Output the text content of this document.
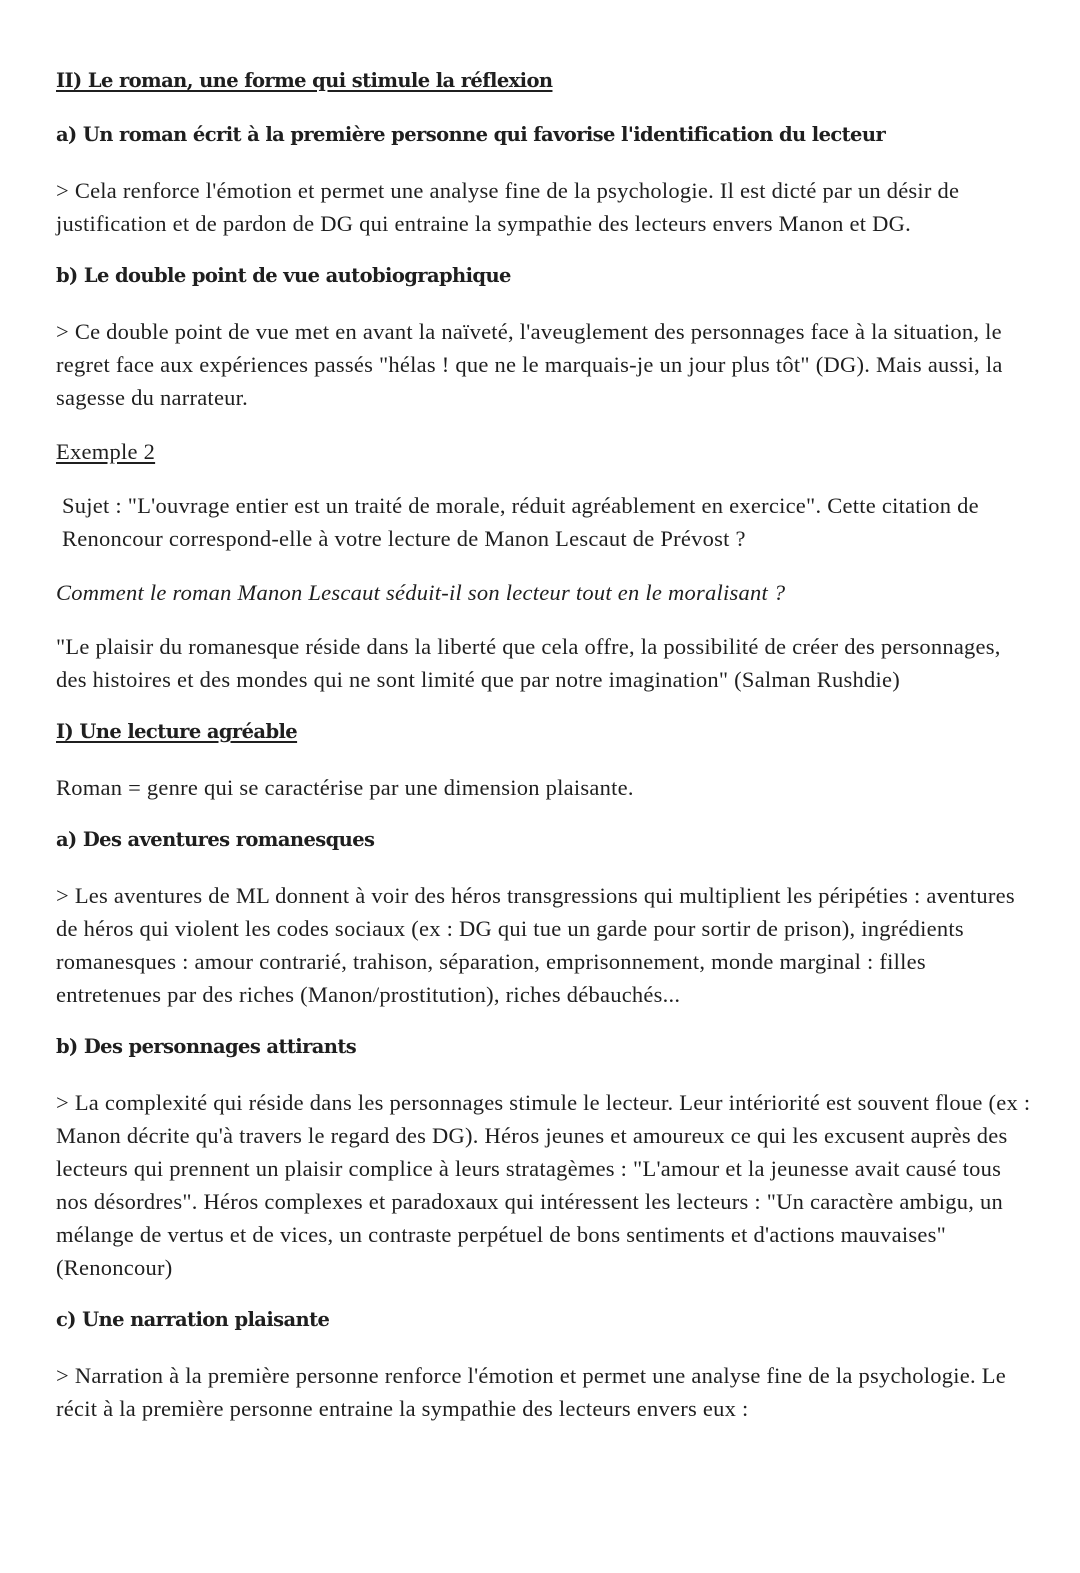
II) Le roman, une forme qui stimule la réflexion
a) Un roman écrit à la première personne qui favorise l'identification du lecteur
> Cela renforce l'émotion et permet une analyse fine de la psychologie. Il est dicté par un désir de justification et de pardon de DG qui entraine la sympathie des lecteurs envers Manon et DG.
b) Le double point de vue autobiographique
> Ce double point de vue met en avant la naïveté, l'aveuglement des personnages face à la situation, le regret face aux expériences passés "hélas ! que ne le marquais-je un jour plus tôt" (DG). Mais aussi, la sagesse du narrateur.
Exemple 2
Sujet : "L'ouvrage entier est un traité de morale, réduit agréablement en exercice". Cette citation de Renoncour correspond-elle à votre lecture de Manon Lescaut de Prévost ?
Comment le roman Manon Lescaut séduit-il son lecteur tout en le moralisant ?
"Le plaisir du romanesque réside dans la liberté que cela offre, la possibilité de créer des personnages, des histoires et des mondes qui ne sont limité que par notre imagination" (Salman Rushdie)
I) Une lecture agréable
Roman = genre qui se caractérise par une dimension plaisante.
a) Des aventures romanesques
> Les aventures de ML donnent à voir des héros transgressions qui multiplient les péripéties : aventures de héros qui violent les codes sociaux (ex : DG qui tue un garde pour sortir de prison), ingrédients romanesques : amour contrarié, trahison, séparation, emprisonnement, monde marginal : filles entretenues par des riches (Manon/prostitution), riches débauchés...
b) Des personnages attirants
> La complexité qui réside dans les personnages stimule le lecteur. Leur intériorité est souvent floue (ex : Manon décrite qu'à travers le regard des DG). Héros jeunes et amoureux ce qui les excusent auprès des lecteurs qui prennent un plaisir complice à leurs stratagèmes : "L'amour et la jeunesse avait causé tous nos désordres". Héros complexes et paradoxaux qui intéressent les lecteurs : "Un caractère ambigu, un mélange de vertus et de vices, un contraste perpétuel de bons sentiments et d'actions mauvaises" (Renoncour)
c) Une narration plaisante
> Narration à la première personne renforce l'émotion et permet une analyse fine de la psychologie. Le récit à la première personne entraine la sympathie des lecteurs envers eux :
